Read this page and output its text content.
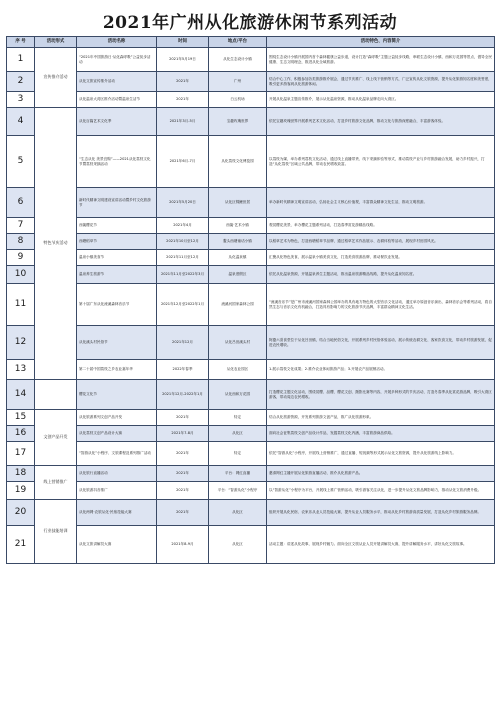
2021年广州从化旅游休闲节系列活动
序 号	活动形式	活动名称	时间	地点/平台	活动特色、内容简介
1	宣传推介活动	“2021年中国旅游日·从化森呼吸”公益徒步活动	2021年5月19日	从化生态设计小镇	围绕生态设计小镇开展国内首个森林健康公益步道，设计打造“森呼吸”主题公益徒步线路，串联生态设计小镇、西和万花园等景点，倡导全民健康、生态文明理念，推进从化全域旅游。
2		从化文旅宣传推介活动	2021年	广州	结合中心工作，积极参加各类旅游推介展会，通过节庆推广、线上线下营销等方式，广泛宣传从化文旅资源，提升从化旅游知名度和美誉度，吸引更多游客到从化旅游休闲。
3		从化温泉大湾区推介活动暨温泉生活节	2021年	白云机场	开展从化温泉主题宣传推介，展示从化温泉资源，推动从化温泉品牌走向大湾区。
4	特色节庆活动	从化百篇艺术文化季	2021年3月-5月	宝趣玫瑰世界	依托宝趣玫瑰世界开展系列艺术文化活动，打造乡村旅游文化品牌，推动文化与旅游深度融合，丰富游客体验。
5		“生态从化 美景宜购”——2021从化荔枝文化节暨荔枝采摘活动	2021年6月-7月	从化荔枝文化博览园	以荔枝为媒，举办系列荔枝文化活动，通过线上直播带货、线下采摘体验等形式，推动荔枝产业与乡村旅游融合发展，助力乡村振兴，打造“从化荔枝”区域公共品牌，带动农民增收致富。
6		新时代精神文明建设宣讲活动暨乡村文化旅游节	2021年5月20日	从化区锦鲤世居	举办新时代精神文明宣讲活动，弘扬社会主义核心价值观，丰富群众精神文化生活，推动文明旅游。
7		西篱樱花节	2021年4月	西篱·艺术小镇	观赏樱花美景，举办樱花主题系列活动，打造春季赏花游精品线路。
8		西塘稻草节	2021年10月至12月	鳌头西塘童话小镇	以稻草艺术为特色，打造西塘稻草节品牌，通过稻草艺术作品展示、农耕体验等活动，展现乡村田园风光。
9		温泉小镇美食节	2021年11月至12月	从化温泉镇	汇聚从化特色美食，展示温泉小镇美食文化，打造美食旅游品牌，推动餐饮业发展。
10		温泉养生旅游节	2021年11月至2022年3月	温泉度假区	依托从化温泉资源，开展温泉养生主题活动，推出温泉旅游精品线路，提升从化温泉知名度。
11		第十届广东从化流溪森林音乐节	2021年12月至2022年1月	流溪河国家森林公园	“流溪音乐节”是广州市流溪河国家森林公园举办的具有地方特色的大型音乐文化活动，通过举办原创音乐演出、森林音乐会等系列活动，将自然生态与音乐文化有机融合，打造具有影响力的文化旅游节庆品牌，丰富群众精神文化生活。
12		从化溪头村民俗节	2021年12月	从化吕田溪头村	阿婆六喜食堂位于从化吕田镇，结合当地民俗文化，开展系列乡村民俗体验活动，展示传统农耕文化、客家饮食文化，带动乡村旅游发展，促进农民增收。
13		第二十届中国荔枝之乡农业嘉年华	2022年春季	从化农业园区	1.展示荔枝文化成果；2.推介农业休闲旅游产品；3.开展农产品展销活动。
14		樱花文化节	2021年12月-2022年1月	从化西和万花园	打造樱花主题文化活动，围绕赏樱、品樱、樱花文创、摄影比赛等内容，开展多种形式的节庆活动，打造冬春季从化赏花游品牌，吸引大湾区游客，带动周边农民增收。
15	文创产品开发	从化旅游系列文创产品开发	2021年	待定	结合从化旅游资源，开发系列旅游文创产品，推广从化旅游形象。
16		从化荔枝文创产品设计大赛	2021年7-8月	从化区	面向社会征集荔枝文创产品设计作品，发掘荔枝文化内涵，丰富旅游商品供给。
17		“智游从化”小程序、文旅课程及系列推广活动	2021年	待定	依托“智游从化”小程序，开展线上营销推广，通过直播、短视频等形式展示从化文旅资源，提升从化旅游线上影响力。
18	线上营销推广	从化旅行直播活动	2021年	平台：网红直播	邀请网红主播开展从化旅游直播活动，推介从化旅游产品。
19		从化旅游抖音推广	2021年	平台：“智游从化”小程序	以“智游从化”小程序为平台，开展线上推广营销活动，吸引游客关注从化，进一步提升从化文旅品牌影响力，推动从化文旅消费升级。
20	行业技能培训	从化两网·农旅从化·民宿技能大赛	2021年	从化区	组织开展从化民宿、农家乐从业人员技能大赛，提升从业人员服务水平，推动从化乡村旅游高质量发展，打造从化乡村旅游服务品牌。
21		从化文旅讲解员大赛	2021年8-9月	从化区	活动主题：讲述从化故事，展现乡村魅力。面向全区文旅从业人员开展讲解员大赛，提升讲解服务水平，讲好从化文旅故事。
